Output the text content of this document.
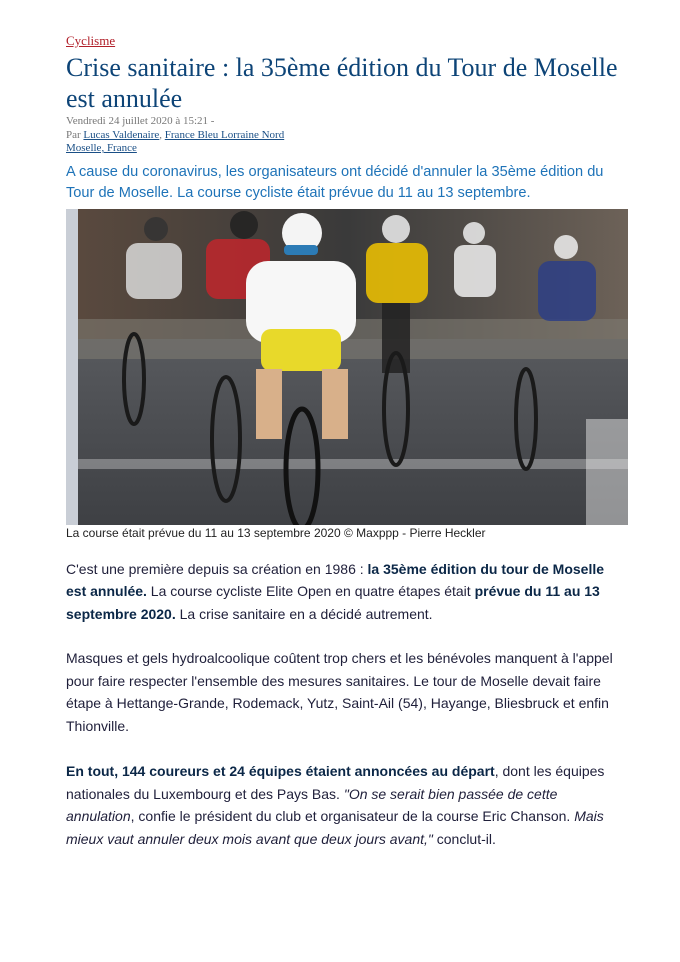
Cyclisme
Crise sanitaire : la 35ème édition du Tour de Moselle est annulée
Vendredi 24 juillet 2020 à 15:21 -
Par Lucas Valdenaire, France Bleu Lorraine Nord
Moselle, France
A cause du coronavirus, les organisateurs ont décidé d'annuler la 35ème édition du Tour de Moselle. La course cycliste était prévue du 11 au 13 septembre.
La course était prévue du 11 au 13 septembre 2020 © Maxppp - Pierre Heckler
C'est une première depuis sa création en 1986 : la 35ème édition du tour de Moselle est annulée. La course cycliste Elite Open en quatre étapes était prévue du 11 au 13 septembre 2020. La crise sanitaire en a décidé autrement.
Masques et gels hydroalcoolique coûtent trop chers et les bénévoles manquent à l'appel pour faire respecter l'ensemble des mesures sanitaires. Le tour de Moselle devait faire étape à Hettange-Grande, Rodemack, Yutz, Saint-Ail (54), Hayange, Bliesbruck et enfin Thionville.
En tout, 144 coureurs et 24 équipes étaient annoncées au départ, dont les équipes nationales du Luxembourg et des Pays Bas. "On se serait bien passée de cette annulation, confie le président du club et organisateur de la course Eric Chanson. Mais mieux vaut annuler deux mois avant que deux jours avant," conclut-il.
